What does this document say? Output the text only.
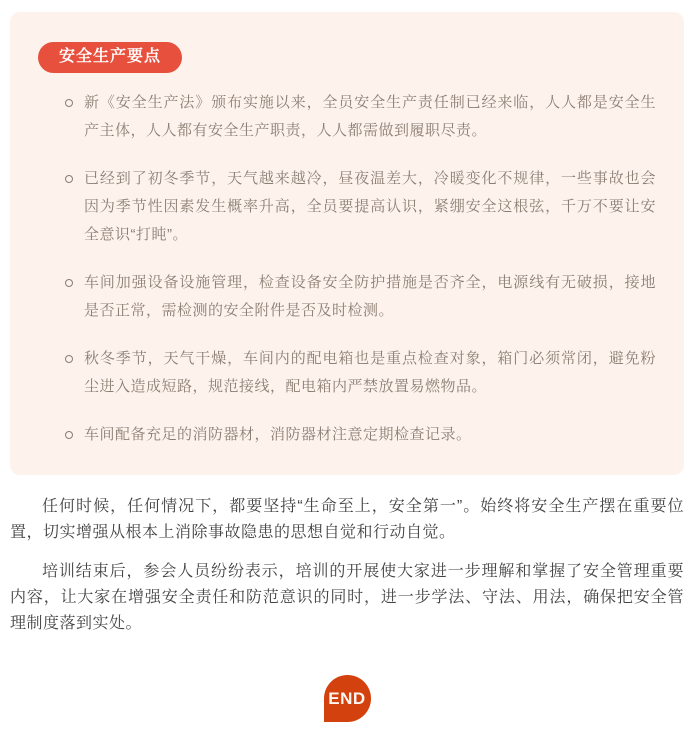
安全生产要点
新《安全生产法》颁布实施以来，全员安全生产责任制已经来临，人人都是安全生产主体，人人都有安全生产职责，人人都需做到履职尽责。
已经到了初冬季节，天气越来越冷，昼夜温差大，冷暖变化不规律，一些事故也会因为季节性因素发生概率升高，全员要提高认识，紧绷安全这根弦，千万不要让安全意识“打盹”。
车间加强设备设施管理，检查设备安全防护措施是否齐全，电源线有无破损，接地是否正常，需检测的安全附件是否及时检测。
秋冬季节，天气干燥，车间内的配电箱也是重点检查对象，箱门必须常闭，避免粉尘进入造成短路，规范接线，配电箱内严禁放置易燃物品。
车间配备充足的消防器材，消防器材注意定期检查记录。

任何时候，任何情况下，都要坚持“生命至上，安全第一”。始终将安全生产摆在重要位置，切实增强从根本上消除事故隐患的思想自觉和行动自觉。

培训结束后，参会人员纷纷表示，培训的开展使大家进一步理解和掌握了安全管理重要内容，让大家在增强安全责任和防范意识的同时，进一步学法、守法、用法，确保把安全管理制度落到实处。

END
